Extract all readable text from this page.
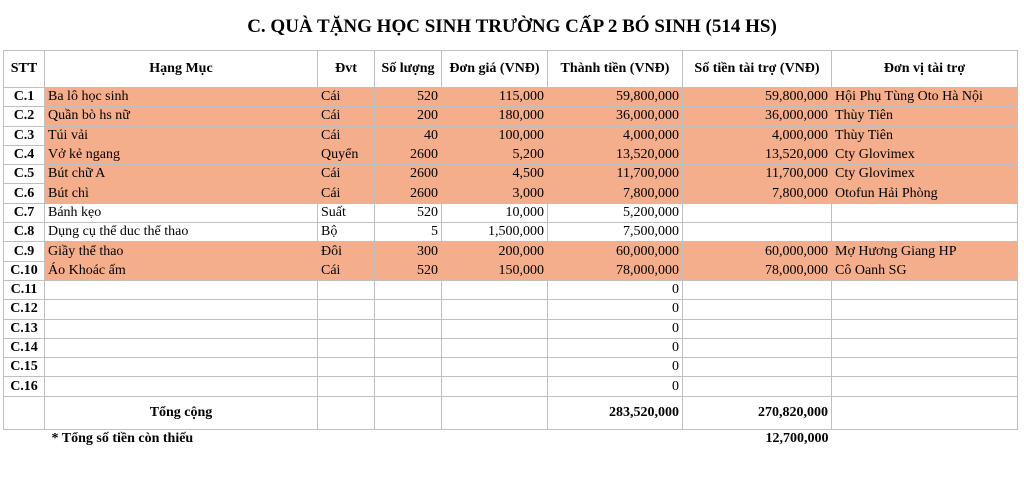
C. QUÀ TẶNG HỌC SINH TRƯỜNG CẤP 2 BÓ SINH (514 HS)
STT	Hạng Mục	Đvt	Số lượng	Đơn giá (VNĐ)	Thành tiền (VNĐ)	Số tiền tài trợ (VNĐ)	Đơn vị tài trợ
C.1	Ba lô học sinh	Cái	520	115,000	59,800,000	59,800,000	Hội Phụ Tùng Oto Hà Nội
C.2	Quần bò hs nữ	Cái	200	180,000	36,000,000	36,000,000	Thùy Tiên
C.3	Túi vải	Cái	40	100,000	4,000,000	4,000,000	Thùy Tiên
C.4	Vở kẻ ngang	Quyển	2600	5,200	13,520,000	13,520,000	Cty Glovimex
C.5	Bút chữ A	Cái	2600	4,500	11,700,000	11,700,000	Cty Glovimex
C.6	Bút chì	Cái	2600	3,000	7,800,000	7,800,000	Otofun Hải Phòng
C.7	Bánh kẹo	Suất	520	10,000	5,200,000		
C.8	Dụng cụ thể duc thể thao	Bộ	5	1,500,000	7,500,000		
C.9	Giầy thể thao	Đôi	300	200,000	60,000,000	60,000,000	Mợ Hương Giang HP
C.10	Áo Khoác ấm	Cái	520	150,000	78,000,000	78,000,000	Cô Oanh SG
C.11					0		
C.12					0		
C.13					0		
C.14					0		
C.15					0		
C.16					0		
	Tổng cộng				283,520,000	270,820,000	
* Tổng số tiền còn thiếu						12,700,000	
